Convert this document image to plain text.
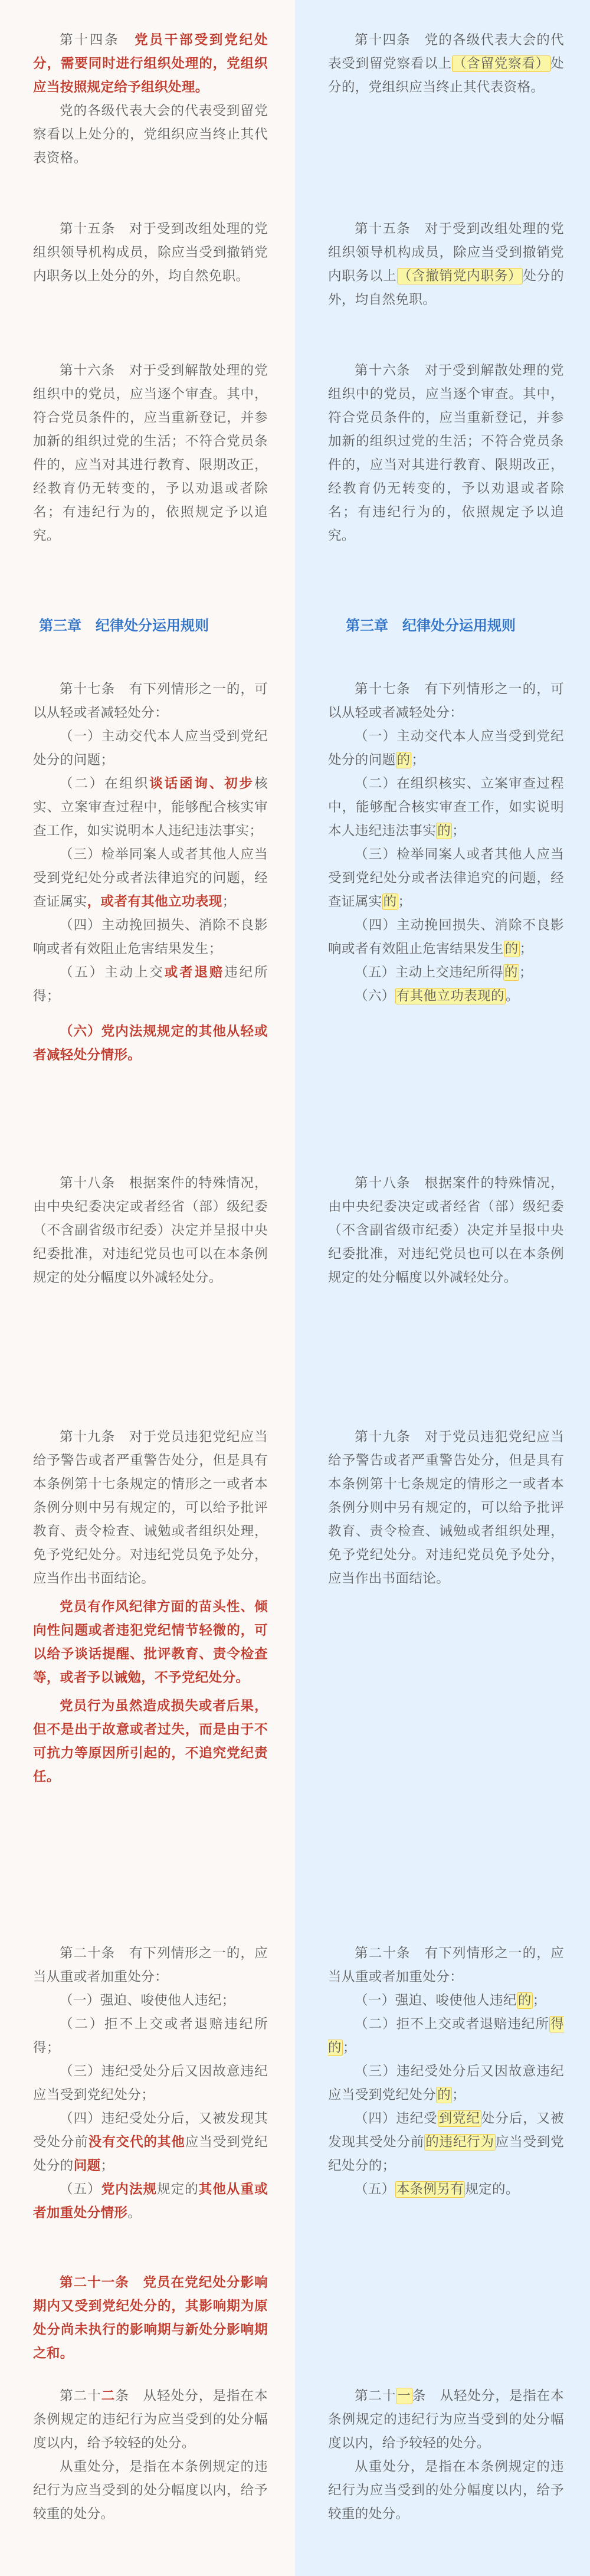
第十四条　党员干部受到党纪处分，需要同时进行组织处理的，党组织应当按照规定给予组织处理。

党的各级代表大会的代表受到留党察看以上处分的，党组织应当终止其代表资格。

第十五条　对于受到改组处理的党组织领导机构成员，除应当受到撤销党内职务以上处分的外，均自然免职。

第十六条　对于受到解散处理的党组织中的党员，应当逐个审查。其中，符合党员条件的，应当重新登记，并参加新的组织过党的生活；不符合党员条件的，应当对其进行教育、限期改正，经教育仍无转变的，予以劝退或者除名；有违纪行为的，依照规定予以追究。

第三章　纪律处分运用规则

第十七条　有下列情形之一的，可以从轻或者减轻处分：

（一）主动交代本人应当受到党纪处分的问题；

（二）在组织谈话函询、初步核实、立案审查过程中，能够配合核实审查工作，如实说明本人违纪违法事实；

（三）检举同案人或者其他人应当受到党纪处分或者法律追究的问题，经查证属实，或者有其他立功表现；

（四）主动挽回损失、消除不良影响或者有效阻止危害结果发生；

（五）主动上交或者退赔违纪所得；

（六）党内法规规定的其他从轻或者减轻处分情形。

第十八条　根据案件的特殊情况，由中央纪委决定或者经省（部）级纪委（不含副省级市纪委）决定并呈报中央纪委批准，对违纪党员也可以在本条例规定的处分幅度以外减轻处分。

第十九条　对于党员违犯党纪应当给予警告或者严重警告处分，但是具有本条例第十七条规定的情形之一或者本条例分则中另有规定的，可以给予批评教育、责令检查、诫勉或者组织处理，免予党纪处分。对违纪党员免予处分，应当作出书面结论。

党员有作风纪律方面的苗头性、倾向性问题或者违犯党纪情节轻微的，可以给予谈话提醒、批评教育、责令检查等，或者予以诫勉，不予党纪处分。

党员行为虽然造成损失或者后果，但不是出于故意或者过失，而是由于不可抗力等原因所引起的，不追究党纪责任。

第二十条　有下列情形之一的，应当从重或者加重处分：

（一）强迫、唆使他人违纪；

（二）拒不上交或者退赔违纪所得；

（三）违纪受处分后又因故意违纪应当受到党纪处分；

（四）违纪受处分后，又被发现其受处分前没有交代的其他应当受到党纪处分的问题；

（五）党内法规规定的其他从重或者加重处分情形。

第二十一条　党员在党纪处分影响期内又受到党纪处分的，其影响期为原处分尚未执行的影响期与新处分影响期之和。

第二十二条　从轻处分，是指在本条例规定的违纪行为应当受到的处分幅度以内，给予较轻的处分。

从重处分，是指在本条例规定的违纪行为应当受到的处分幅度以内，给予较重的处分。

第十四条　党的各级代表大会的代表受到留党察看以上（含留党察看）处分的，党组织应当终止其代表资格。

第十五条　对于受到改组处理的党组织领导机构成员，除应当受到撤销党内职务以上（含撤销党内职务）处分的外，均自然免职。

第十六条　对于受到解散处理的党组织中的党员，应当逐个审查。其中，符合党员条件的，应当重新登记，并参加新的组织过党的生活；不符合党员条件的，应当对其进行教育、限期改正，经教育仍无转变的，予以劝退或者除名；有违纪行为的，依照规定予以追究。

第三章　纪律处分运用规则

第十七条　有下列情形之一的，可以从轻或者减轻处分：

（一）主动交代本人应当受到党纪处分的问题的；

（二）在组织核实、立案审查过程中，能够配合核实审查工作，如实说明本人违纪违法事实的；

（三）检举同案人或者其他人应当受到党纪处分或者法律追究的问题，经查证属实的；

（四）主动挽回损失、消除不良影响或者有效阻止危害结果发生的；

（五）主动上交违纪所得的；

（六）有其他立功表现的。

第十八条　根据案件的特殊情况，由中央纪委决定或者经省（部）级纪委（不含副省级市纪委）决定并呈报中央纪委批准，对违纪党员也可以在本条例规定的处分幅度以外减轻处分。

第十九条　对于党员违犯党纪应当给予警告或者严重警告处分，但是具有本条例第十七条规定的情形之一或者本条例分则中另有规定的，可以给予批评教育、责令检查、诫勉或者组织处理，免予党纪处分。对违纪党员免予处分，应当作出书面结论。

第二十条　有下列情形之一的，应当从重或者加重处分：

（一）强迫、唆使他人违纪的；

（二）拒不上交或者退赔违纪所得的；

（三）违纪受处分后又因故意违纪应当受到党纪处分的；

（四）违纪受到党纪处分后，又被发现其受处分前的违纪行为应当受到党纪处分的；

（五）本条例另有规定的。

第二十一条　从轻处分，是指在本条例规定的违纪行为应当受到的处分幅度以内，给予较轻的处分。

从重处分，是指在本条例规定的违纪行为应当受到的处分幅度以内，给予较重的处分。
